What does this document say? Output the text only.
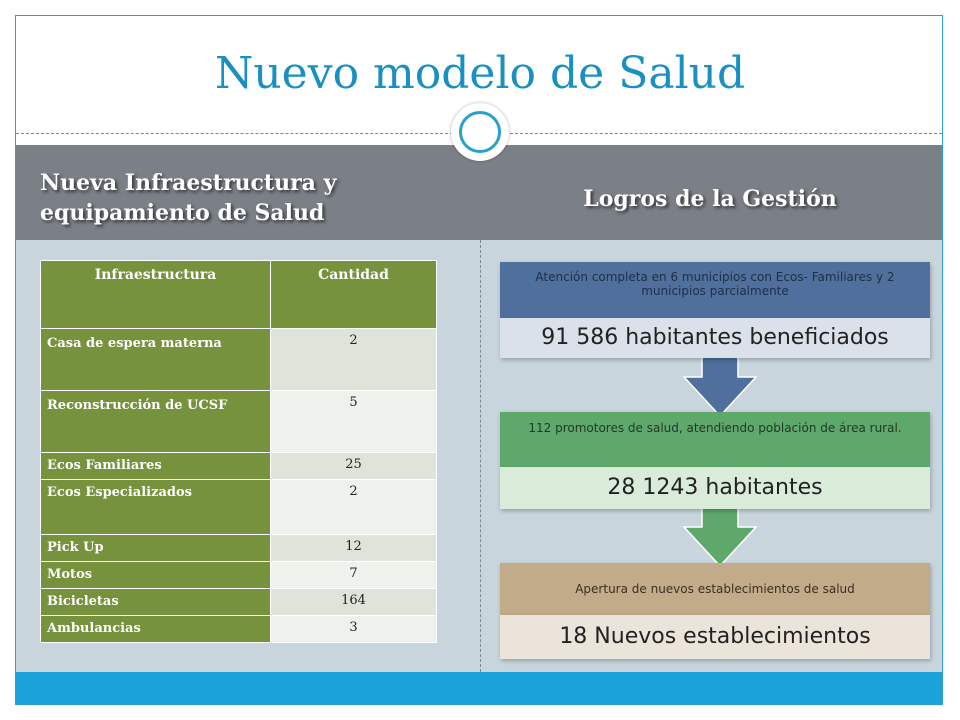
Nuevo modelo de Salud
Nueva Infraestructura y equipamiento de Salud
Logros de la Gestión
Infraestructura	Cantidad
Casa de espera materna	2
Reconstrucción de UCSF	5
Ecos Familiares	25
Ecos Especializados	2
Pick Up	12
Motos	7
Bicicletas	164
Ambulancias	3
Atención completa en 6 municipios con Ecos- Familiares y 2 municipios parcialmente
91 586 habitantes beneficiados
112 promotores de salud, atendiendo población de área rural.
28 1243 habitantes
Apertura de nuevos establecimientos de salud
18 Nuevos establecimientos
